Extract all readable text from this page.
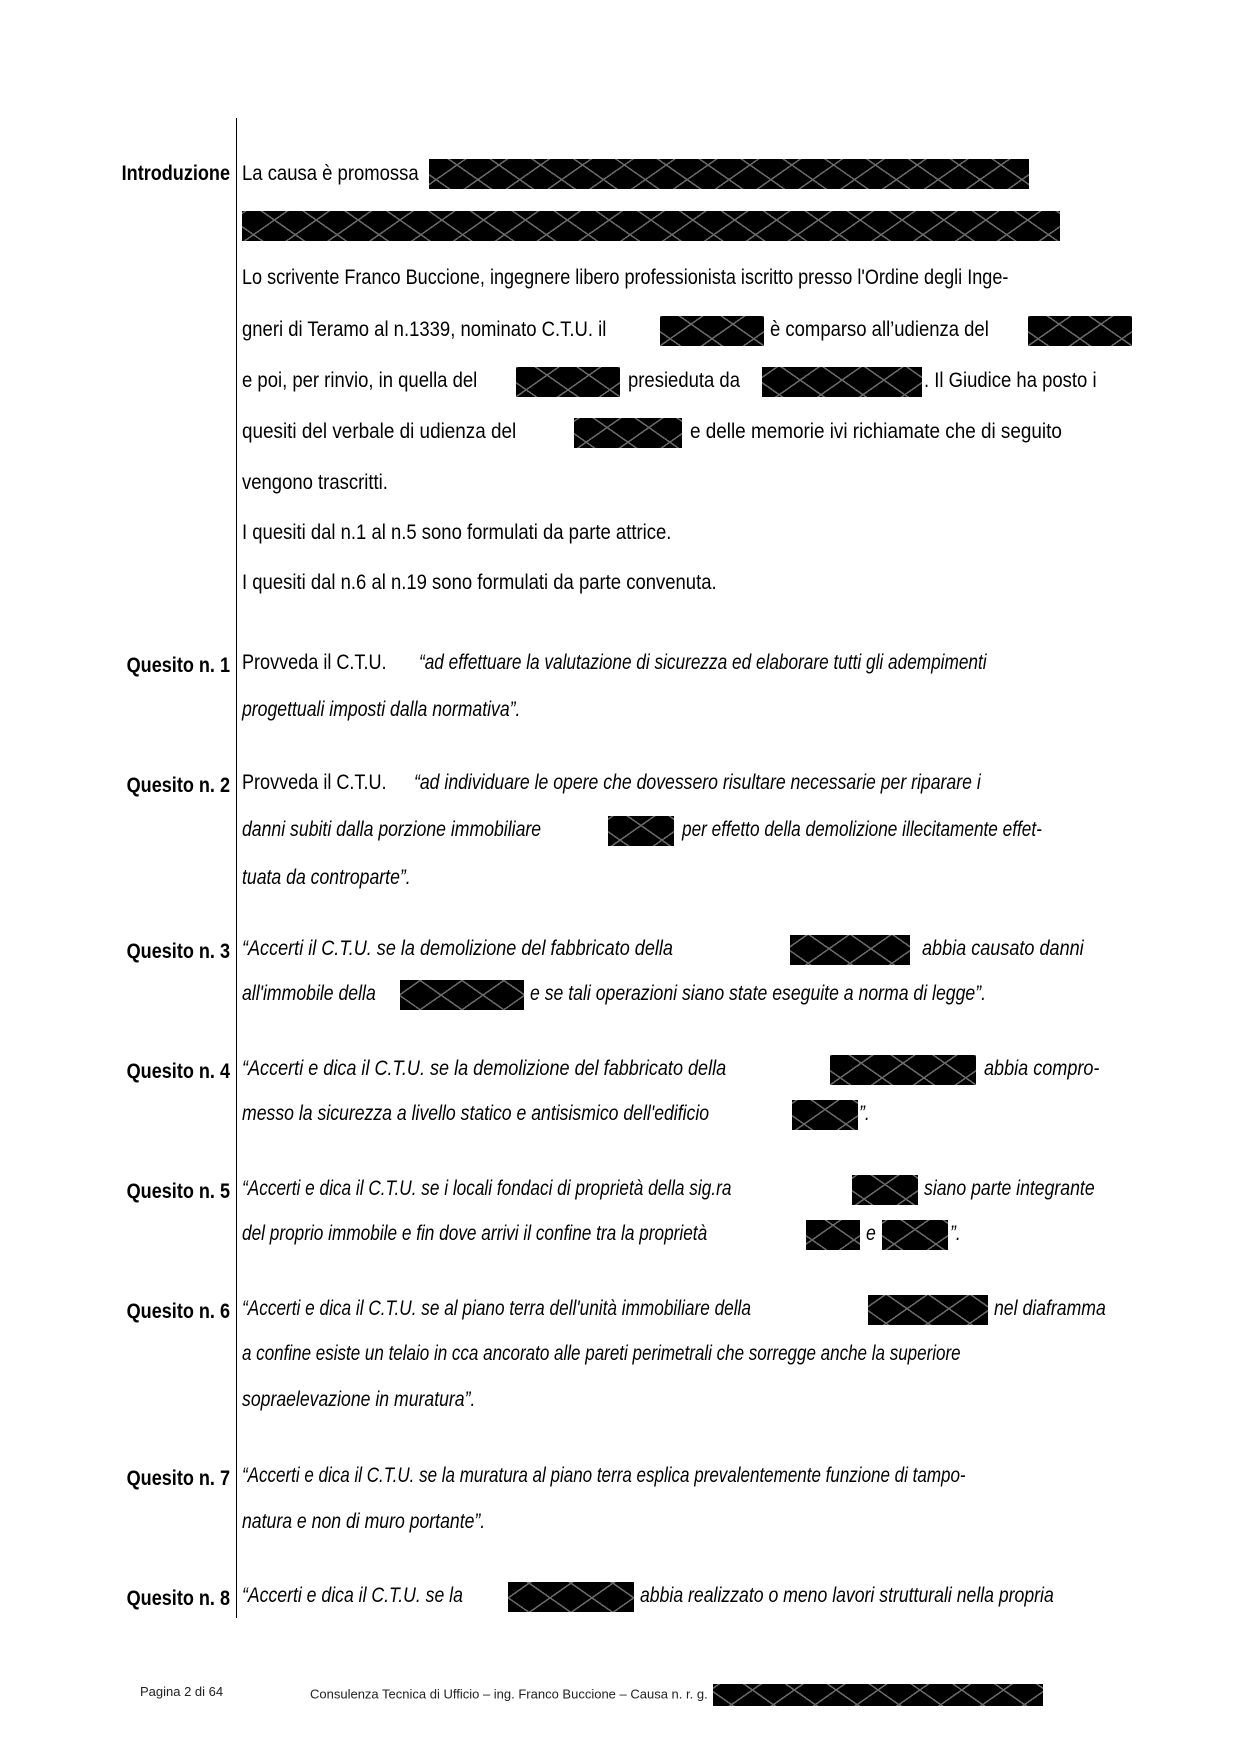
Introduzione La causa è promossa
Lo scrivente Franco Buccione, ingegnere libero professionista iscritto presso l'Ordine degli Inge-
gneri di Teramo al n.1339, nominato C.T.U. il	è comparso all’udienza del
e poi, per rinvio, in quella del	presieduta da	. Il Giudice ha posto i
quesiti del verbale di udienza del	e delle memorie ivi richiamate che di seguito
vengono trascritti.
I quesiti dal n.1 al n.5 sono formulati da parte attrice.
I quesiti dal n.6 al n.19 sono formulati da parte convenuta.
Quesito n. 1 Provveda il C.T.U. “ad effettuare la valutazione di sicurezza ed elaborare tutti gli adempimenti
progettuali imposti dalla normativa”.
Quesito n. 2 Provveda il C.T.U. “ad individuare le opere che dovessero risultare necessarie per riparare i
danni subiti dalla porzione immobiliare	per effetto della demolizione illecitamente effet-
tuata da controparte”.
Quesito n. 3 “Accerti il C.T.U. se la demolizione del fabbricato della	abbia causato danni
all'immobile della	e se tali operazioni siano state eseguite a norma di legge”.
Quesito n. 4 “Accerti e dica il C.T.U. se la demolizione del fabbricato della	abbia compro-
messo la sicurezza a livello statico e antisismico dell'edificio	”.
Quesito n. 5 “Accerti e dica il C.T.U. se i locali fondaci di proprietà della sig.ra	siano parte integrante
del proprio immobile e fin dove arrivi il confine tra la proprietà	e	”.
Quesito n. 6 “Accerti e dica il C.T.U. se al piano terra dell'unità immobiliare della	nel diaframma
a confine esiste un telaio in cca ancorato alle pareti perimetrali che sorregge anche la superiore
sopraelevazione in muratura”.
Quesito n. 7 “Accerti e dica il C.T.U. se la muratura al piano terra esplica prevalentemente funzione di tampo-
natura e non di muro portante”.
Quesito n. 8 “Accerti e dica il C.T.U. se la	abbia realizzato o meno lavori strutturali nella propria
Pagina 2 di 64	Consulenza Tecnica di Ufficio – ing. Franco Buccione – Causa n. r. g.
